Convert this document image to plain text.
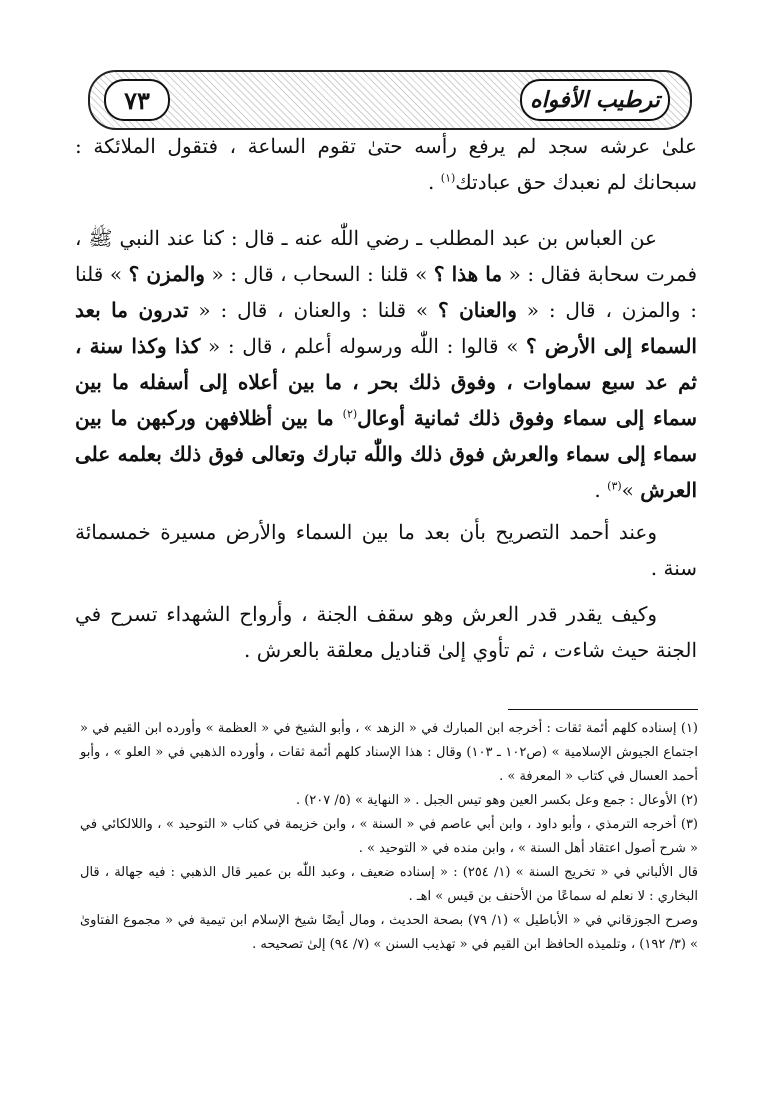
ترطيب الأفواه
٧٣

علىٰ عرشه سجد لم يرفع رأسه حتىٰ تقوم الساعة ، فتقول الملائكة : سبحانك لم نعبدك حق عبادتك$^{(١)}$ .

عن العباس بن عبد المطلب ـ رضي اللّٰه عنه ـ قال : كنا عند النبي ﷺ ، فمرت سحابة فقال : « ما هذا ؟ » قلنا : السحاب ، قال : « والمزن ؟ » قلنا : والمزن ، قال : « والعنان ؟ » قلنا : والعنان ، قال : « تدرون ما بعد السماء إلى الأرض ؟ » قالوا : اللّٰه ورسوله أعلم ، قال : « كذا وكذا سنة ، ثم عد سبع سماوات ، وفوق ذلك بحر ، ما بين أعلاه إلى أسفله ما بين سماء إلى سماء وفوق ذلك ثمانية أوعال$^{(٢)}$ ما بين أظلافهن وركبهن ما بين سماء إلى سماء والعرش فوق ذلك واللّٰه تبارك وتعالى فوق ذلك بعلمه على العرش »$^{(٣)}$ .

وعند أحمد التصريح بأن بعد ما بين السماء والأرض مسيرة خمسمائة سنة .

وكيف يقدر قدر العرش وهو سقف الجنة ، وأرواح الشهداء تسرح في الجنة حيث شاءت ، ثم تأوي إلىٰ قناديل معلقة بالعرش .

(١) إسناده كلهم أئمة ثقات : أخرجه ابن المبارك في « الزهد » ، وأبو الشيخ في « العظمة » وأورده ابن القيم في « اجتماع الجيوش الإسلامية » (ص١٠٢ ـ ١٠٣) وقال : هذا الإسناد كلهم أئمة ثقات ، وأورده الذهبي في « العلو » ، وأبو أحمد العسال في كتاب « المعرفة » .

(٢) الأوعال : جمع وعل بكسر العين وهو تيس الجبل . « النهاية » (٥/ ٢٠٧) .

(٣) أخرجه الترمذي ، وأبو داود ، وابن أبي عاصم في « السنة » ، وابن خزيمة في كتاب « التوحيد » ، واللالكائي في « شرح أصول اعتقاد أهل السنة » ، وابن منده في « التوحيد » .

قال الألباني في « تخريج السنة » (١/ ٢٥٤) : « إسناده ضعيف ، وعبد اللّٰه بن عمير قال الذهبي : فيه جهالة ، قال البخاري : لا نعلم له سماعًا من الأحنف بن قيس » اهـ .

وصرح الجوزقاني في « الأباطيل » (١/ ٧٩) بصحة الحديث ، ومال أيضًا شيخ الإسلام ابن تيمية في « مجموع الفتاوىٰ » (٣/ ١٩٢) ، وتلميذه الحافظ ابن القيم في « تهذيب السنن » (٧/ ٩٤) إلىٰ تصحيحه .
